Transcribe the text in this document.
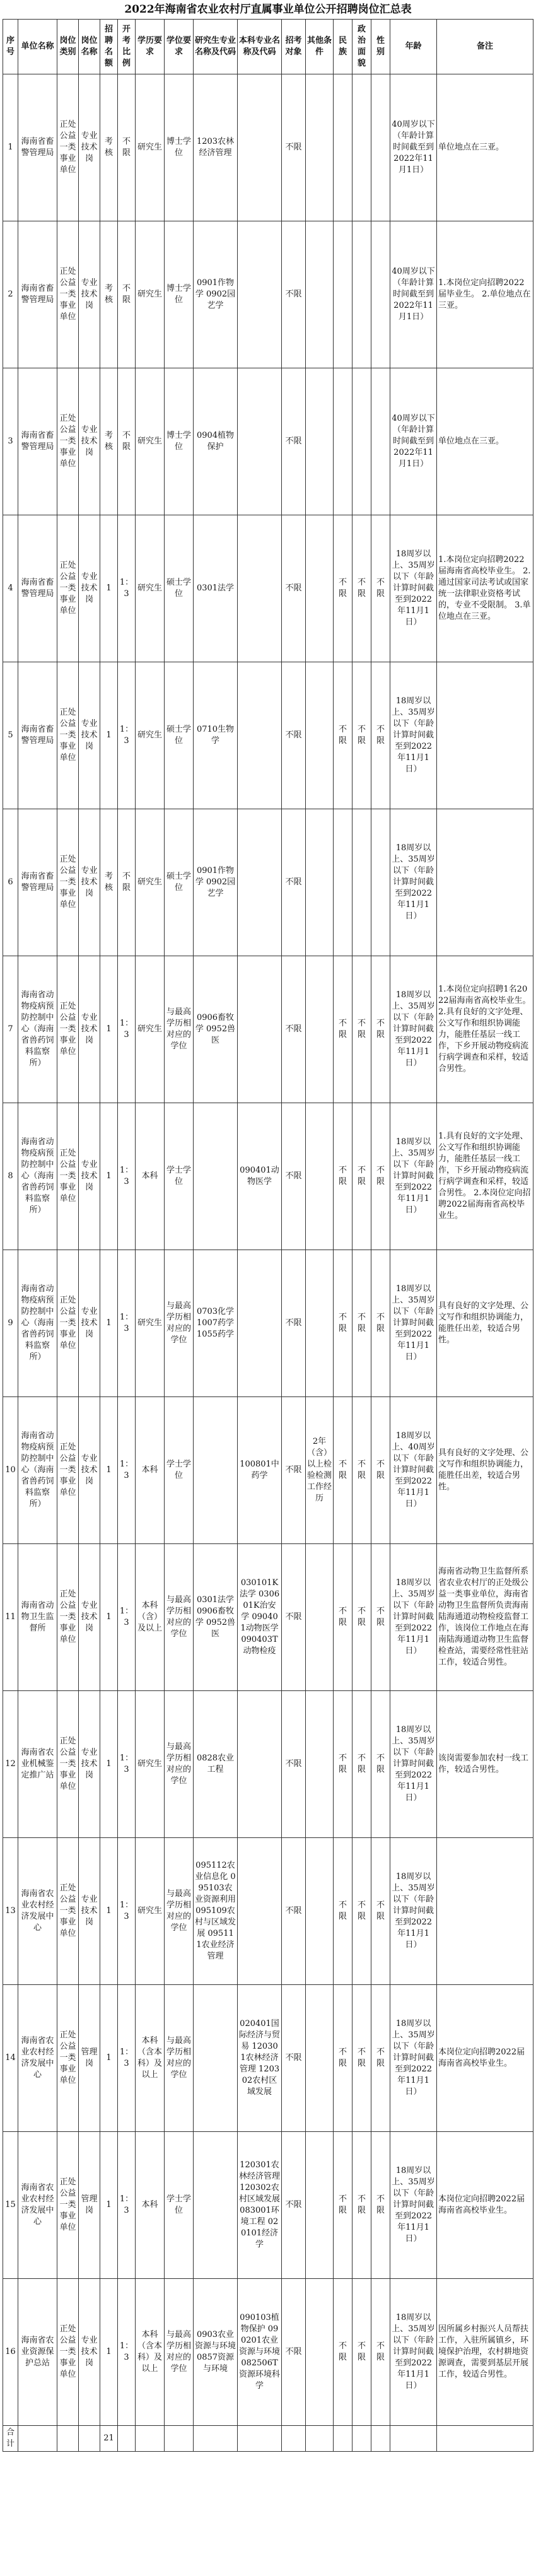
2022年海南省农业农村厅直属事业单位公开招聘岗位汇总表
序号	单位名称	岗位类别	岗位名称	招聘名额	开考比例	学历要求	学位要求	研究生专业名称及代码	本科专业名称及代码	招考对象	其他条件	民族	政治面貌	性别	年龄	备注
1	海南省畜警管理局	正处公益一类事业单位	专业技术岗	考核	不限	研究生	博士学位	1203农林经济管理		不限					40周岁以下（年龄计算时间截至到2022年11月1日）	单位地点在三亚。
2	海南省畜警管理局	正处公益一类事业单位	专业技术岗	考核	不限	研究生	博士学位	0901作物学 0902园艺学		不限					40周岁以下（年龄计算时间截至到2022年11月1日）	1.本岗位定向招聘2022届毕业生。 2.单位地点在三亚。
3	海南省畜警管理局	正处公益一类事业单位	专业技术岗	考核	不限	研究生	博士学位	0904植物保护		不限					40周岁以下（年龄计算时间截至到2022年11月1日）	单位地点在三亚。
4	海南省畜警管理局	正处公益一类事业单位	专业技术岗	1	1：3	研究生	硕士学位	0301法学		不限		不限	不限	不限	18周岁以上、35周岁以下（年龄计算时间截至到2022年11月1日）	1.本岗位定向招聘2022届海南省高校毕业生。 2.通过国家司法考试或国家统一法律职业资格考试的，专业不受限制。 3.单位地点在三亚。
5	海南省畜警管理局	正处公益一类事业单位	专业技术岗	1	1：3	研究生	硕士学位	0710生物学		不限		不限	不限	不限	18周岁以上、35周岁以下（年龄计算时间截至到2022年11月1日）	
6	海南省畜警管理局	正处公益一类事业单位	专业技术岗	考核	不限	研究生	硕士学位	0901作物学 0902园艺学		不限					18周岁以上、35周岁以下（年龄计算时间截至到2022年11月1日）	
7	海南省动物疫病预防控制中心（海南省兽药饲料监察所）	正处公益一类事业单位	专业技术岗	1	1：3	研究生	与最高学历相对应的学位	0906畜牧学 0952兽医		不限		不限	不限	不限	18周岁以上、35周岁以下（年龄计算时间截至到2022年11月1日）	1.本岗位定向招聘1名2022届海南省高校毕业生。 2.具有良好的文字处理、公文写作和组织协调能力，能胜任基层一线工作，下乡开展动物疫病流行病学调查和采样，较适合男性。
8	海南省动物疫病预防控制中心（海南省兽药饲料监察所）	正处公益一类事业单位	专业技术岗	1	1：3	本科	学士学位		090401动物医学	不限		不限	不限	不限	18周岁以上、35周岁以下（年龄计算时间截至到2022年11月1日）	1.具有良好的文字处理、公文写作和组织协调能力，能胜任基层一线工作，下乡开展动物疫病流行病学调查和采样，较适合男性。 2.本岗位定向招聘2022届海南省高校毕业生。
9	海南省动物疫病预防控制中心（海南省兽药饲料监察所）	正处公益一类事业单位	专业技术岗	1	1：3	研究生	与最高学历相对应的学位	0703化学 1007药学 1055药学		不限		不限	不限	不限	18周岁以上、35周岁以下（年龄计算时间截至到2022年11月1日）	具有良好的文字处理、公文写作和组织协调能力，能胜任出差，较适合男性。
10	海南省动物疫病预防控制中心（海南省兽药饲料监察所）	正处公益一类事业单位	专业技术岗	1	1：3	本科	学士学位		100801中药学	不限	2年（含）以上检验检测工作经历	不限	不限	不限	18周岁以上、40周岁以下（年龄计算时间截至到2022年11月1日）	具有良好的文字处理、公文写作和组织协调能力，能胜任出差，较适合男性。
11	海南省动物卫生监督所	正处公益一类事业单位	专业技术岗	1	1：3	本科（含）及以上	与最高学历相对应的学位	0301法学 0906畜牧学 0952兽医	030101K法学 030601K治安学 090401动物医学 090403T动物检疫	不限		不限	不限	不限	18周岁以上、35周岁以下（年龄计算时间截至到2022年11月1日）	海南省动物卫生监督所系省农业农村厅的正处级公益一类事业单位，海南省动物卫生监督所负责海南陆海通道动物检疫监督工作，该岗位工作地点在海南陆海通道动物卫生监督检查站，需要经常性驻站工作，较适合男性。
12	海南省农业机械鉴定推广站	正处公益一类事业单位	专业技术岗	1	1：3	研究生	与最高学历相对应的学位	0828农业工程		不限		不限	不限	不限	18周岁以上、35周岁以下（年龄计算时间截至到2022年11月1日）	该岗需要参加农村一线工作，较适合男性。
13	海南省农业农村经济发展中心	正处公益一类事业单位	专业技术岗	1	1：3	研究生	与最高学历相对应的学位	095112农业信息化 095103农业资源利用 095109农村与区域发展 095111农业经济管理		不限		不限	不限	不限	18周岁以上、35周岁以下（年龄计算时间截至到2022年11月1日）	
14	海南省农业农村经济发展中心	正处公益一类事业单位	管理岗	1	1：3	本科（含本科）及以上	与最高学历相对应的学位		020401国际经济与贸易 120301农林经济管理 120302农村区域发展	不限		不限	不限	不限	18周岁以上、35周岁以下（年龄计算时间截至到2022年11月1日）	本岗位定向招聘2022届海南省高校毕业生。
15	海南省农业农村经济发展中心	正处公益一类事业单位	管理岗	1	1：3	本科	学士学位		120301农林经济管理 120302农村区域发展 083001环境工程 020101经济学	不限		不限	不限	不限	18周岁以上、35周岁以下（年龄计算时间截至到2022年11月1日）	本岗位定向招聘2022届海南省高校毕业生。
16	海南省农业资源保护总站	正处公益一类事业单位	专业技术岗	1	1：3	本科（含本科）及以上	与最高学历相对应的学位	0903农业资源与环境 0857资源与环境	090103植物保护 090201农业资源与环境 082506T资源环境科学	不限		不限	不限	不限	18周岁以上、35周岁以下（年龄计算时间截至到2022年11月1日）	因所属乡村振兴人员帮扶工作，入驻所属镇乡，环境保护治理，农村耕地资源调查，需要到基层开展工作，较适合男性。
合计				21												
